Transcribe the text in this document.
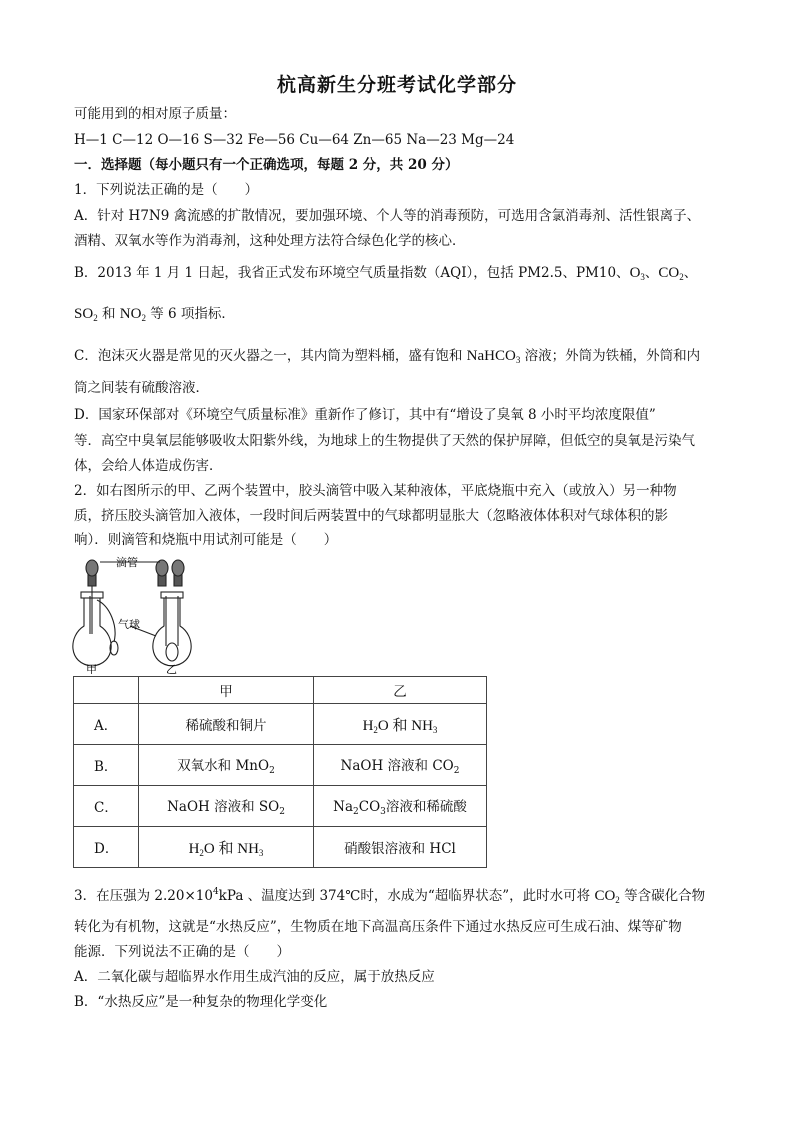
杭高新生分班考试化学部分
可能用到的相对原子质量：
H—1 C—12 O—16 S—32 Fe—56 Cu—64 Zn—65 Na—23 Mg—24
一．选择题（每小题只有一个正确选项，每题 2 分，共 20 分）
1．下列说法正确的是（　　）
A．针对 H7N9 禽流感的扩散情况，要加强环境、个人等的消毒预防，可选用含氯消毒剂、活性银离子、
酒精、双氧水等作为消毒剂，这种处理方法符合绿色化学的核心．
B．2013 年 1 月 1 日起，我省正式发布环境空气质量指数（AQI），包括 PM2.5、PM10、$O_3$、$CO_2$、
$SO_2$ 和 $NO_2$ 等 6 项指标．
C．泡沫灭火器是常见的灭火器之一，其内筒为塑料桶，盛有饱和 NaHCO$_3$ 溶液；外筒为铁桶，外筒和内
筒之间装有硫酸溶液．
D．国家环保部对《环境空气质量标准》重新作了修订，其中有“增设了臭氧 8 小时平均浓度限值”
等．高空中臭氧层能够吸收太阳紫外线，为地球上的生物提供了天然的保护屏障，但低空的臭氧是污染气
体，会给人体造成伤害．
2．如右图所示的甲、乙两个装置中，胶头滴管中吸入某种液体，平底烧瓶中充入（或放入）另一种物
质，挤压胶头滴管加入液体，一段时间后两装置中的气球都明显胀大（忽略液体体积对气球体积的影
响）．则滴管和烧瓶中用试剂可能是（　　）
滴管
气球
甲	乙
	甲	乙
A．	稀硫酸和铜片	$H_2O$ 和 $NH_3$
B．	双氧水和 MnO$_2$	NaOH 溶液和 $CO_2$
C．	NaOH 溶液和 $SO_2$	$Na_2CO_3$溶液和稀硫酸
D．	$H_2O$ 和 $NH_3$	硝酸银溶液和 HCl
3．在压强为 $2.20\times 10^4kPa$ 、温度达到 374℃时，水成为“超临界状态”，此时水可将 $CO_2$ 等含碳化合物
转化为有机物，这就是“水热反应”，生物质在地下高温高压条件下通过水热反应可生成石油、煤等矿物
能源．下列说法不正确的是（　　）
A．二氧化碳与超临界水作用生成汽油的反应，属于放热反应
B．“水热反应”是一种复杂的物理化学变化
